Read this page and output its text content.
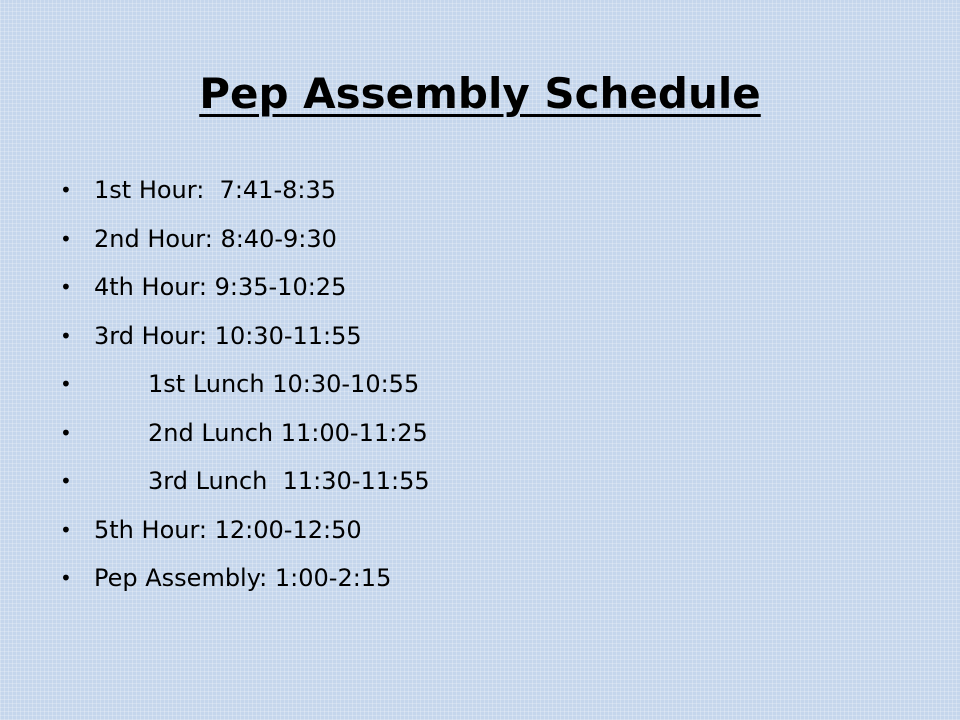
Pep Assembly Schedule

•

1st Hour:  7:41-8:35

•

2nd Hour: 8:40-9:30

•

4th Hour: 9:35-10:25

•

3rd Hour: 10:30-11:55

•

	1st Lunch 10:30-10:55

•

	2nd Lunch 11:00-11:25

•

	3rd Lunch  11:30-11:55

•

5th Hour: 12:00-12:50

•

Pep Assembly: 1:00-2:15
